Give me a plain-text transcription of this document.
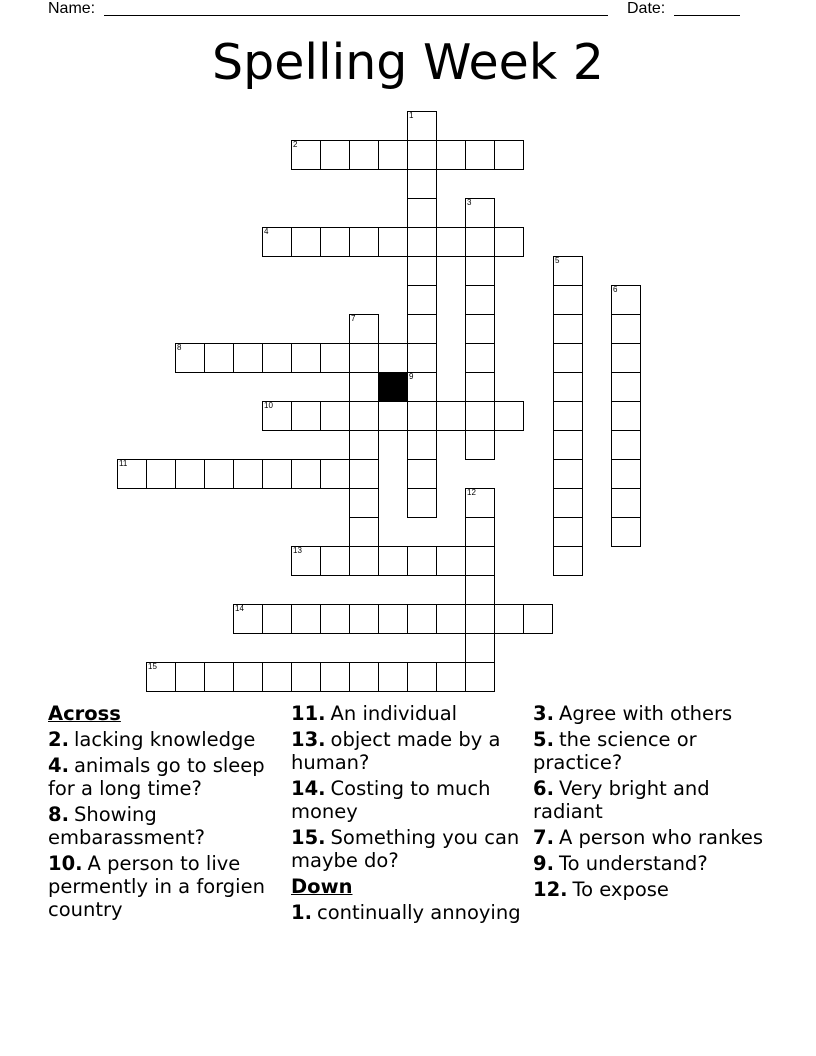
Name:	Date:
Spelling Week 2
1
2
3
4
5
6
7
8
9
10
11
12
13
14
15
Across
2. lacking knowledge
4. animals go to sleep for a long time?
8. Showing embarassment?
10. A person to live permently in a forgien country
11. An individual
13. object made by a human?
14. Costing to much money
15. Something you can maybe do?
Down
1. continually annoying
3. Agree with others
5. the science or practice?
6. Very bright and radiant
7. A person who rankes
9. To understand?
12. To expose
